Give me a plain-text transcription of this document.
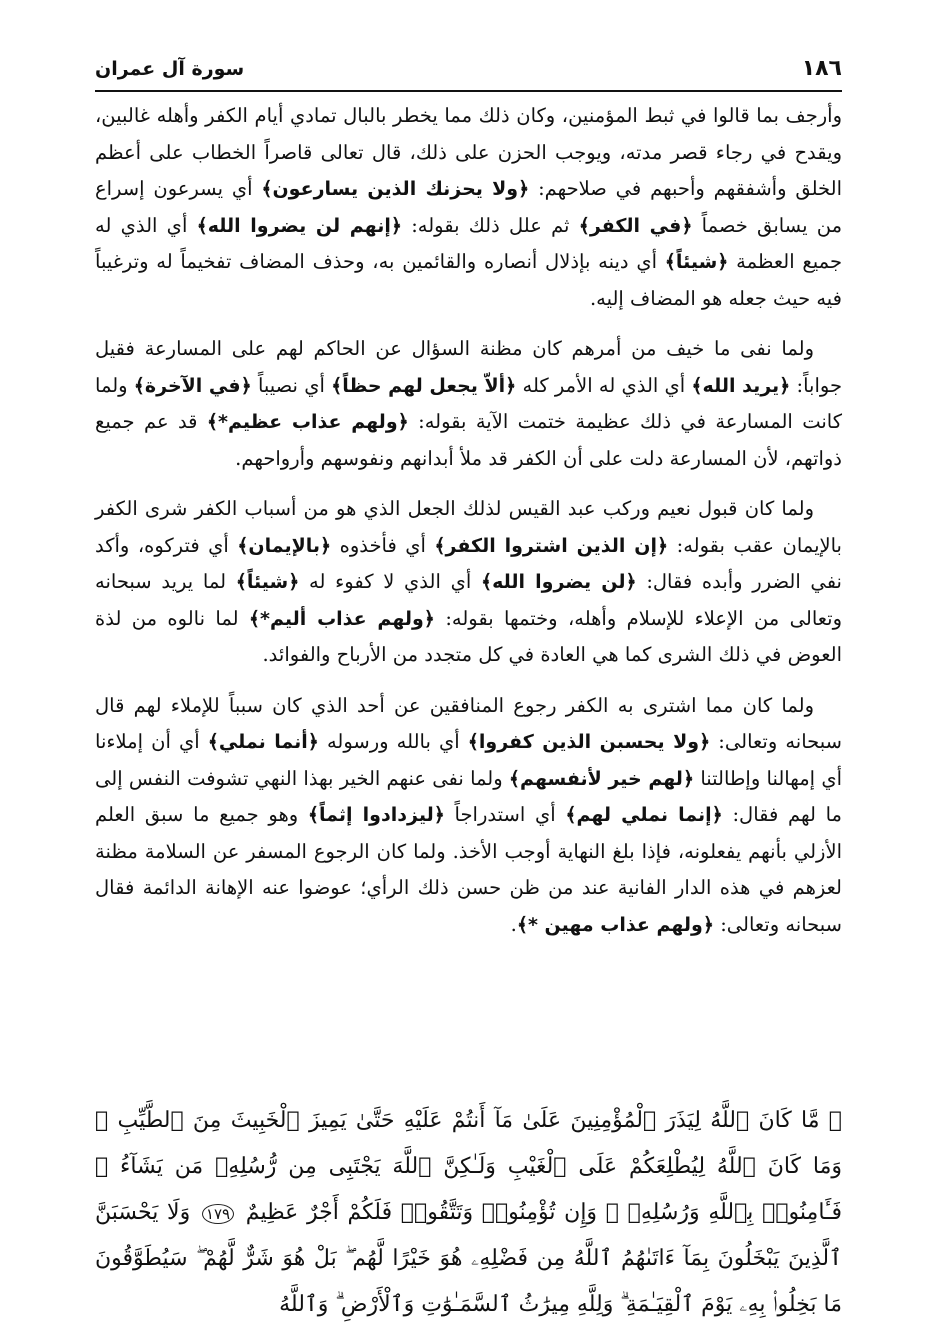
١٨٦
سورة آل عمران

وأرجف بما قالوا في ثبط المؤمنين، وكان ذلك مما يخطر بالبال تمادي أيام الكفر وأهله غالبين، ويقدح في رجاء قصر مدته، ويوجب الحزن على ذلك، قال تعالى قاصراً الخطاب على أعظم الخلق وأشفقهم وأحبهم في صلاحهم: ﴿ولا يحزنك الذين يسارعون﴾ أي يسرعون إسراع من يسابق خصماً ﴿في الكفر﴾ ثم علل ذلك بقوله: ﴿إنهم لن يضروا الله﴾ أي الذي له جميع العظمة ﴿شيئاً﴾ أي دينه بإذلال أنصاره والقائمين به، وحذف المضاف تفخيماً له وترغيباً فيه حيث جعله هو المضاف إليه.

ولما نفى ما خيف من أمرهم كان مظنة السؤال عن الحاكم لهم على المسارعة فقيل جواباً: ﴿يريد الله﴾ أي الذي له الأمر كله ﴿ألاّ يجعل لهم حظاً﴾ أي نصيباً ﴿في الآخرة﴾ ولما كانت المسارعة في ذلك عظيمة ختمت الآية بقوله: ﴿ولهم عذاب عظيم*﴾ قد عم جميع ذواتهم، لأن المسارعة دلت على أن الكفر قد ملأ أبدانهم ونفوسهم وأرواحهم.

ولما كان قبول نعيم وركب عبد القيس لذلك الجعل الذي هو من أسباب الكفر شرى الكفر بالإيمان عقب بقوله: ﴿إن الذين اشتروا الكفر﴾ أي فأخذوه ﴿بالإيمان﴾ أي فتركوه، وأكد نفي الضرر وأبده فقال: ﴿لن يضروا الله﴾ أي الذي لا كفوء له ﴿شيئاً﴾ لما يريد سبحانه وتعالى من الإعلاء للإسلام وأهله، وختمها بقوله: ﴿ولهم عذاب أليم*﴾ لما نالوه من لذة العوض في ذلك الشرى كما هي العادة في كل متجدد من الأرباح والفوائد.

ولما كان مما اشترى به الكفر رجوع المنافقين عن أحد الذي كان سبباً للإملاء لهم قال سبحانه وتعالى: ﴿ولا يحسبن الذين كفروا﴾ أي بالله ورسوله ﴿أنما نملي﴾ أي أن إملاءنا أي إمهالنا وإطالتنا ﴿لهم خير لأنفسهم﴾ ولما نفى عنهم الخير بهذا النهي تشوفت النفس إلى ما لهم فقال: ﴿إنما نملي لهم﴾ أي استدراجاً ﴿ليزدادوا إثماً﴾ وهو جميع ما سبق العلم الأزلي بأنهم يفعلونه، فإذا بلغ النهاية أوجب الأخذ. ولما كان الرجوع المسفر عن السلامة مظنة لعزهم في هذه الدار الفانية عند من ظن حسن ذلك الرأي؛ عوضوا عنه الإهانة الدائمة فقال سبحانه وتعالى: ﴿ولهم عذاب مهين *﴾.

﴿ مَّا كَانَ ٱللَّهُ لِيَذَرَ ٱلْمُؤْمِنِينَ عَلَىٰ مَآ أَنتُمْ عَلَيْهِ حَتَّىٰ يَمِيزَ ٱلْخَبِيثَ مِنَ ٱلطَّيِّبِ ۗ وَمَا كَانَ ٱللَّهُ لِيُطْلِعَكُمْ عَلَى ٱلْغَيْبِ وَلَـٰكِنَّ ٱللَّهَ يَجْتَبِى مِن رُّسُلِهِۦ مَن يَشَآءُ ۖ فَـَٔامِنُوا۟ بِٱللَّهِ وَرُسُلِهِۦ ۚ وَإِن تُؤْمِنُوا۟ وَتَتَّقُوا۟ فَلَكُمْ أَجْرٌ عَظِيمٌ ١٧٩ وَلَا يَحْسَبَنَّ ٱلَّذِينَ يَبْخَلُونَ بِمَآ ءَاتَىٰهُمُ ٱللَّهُ مِن فَضْلِهِۦ هُوَ خَيْرًا لَّهُم ۖ بَلْ هُوَ شَرٌّ لَّهُمْ ۖ سَيُطَوَّقُونَ مَا بَخِلُوا۟ بِهِۦ يَوْمَ ٱلْقِيَـٰمَةِ ۗ وَلِلَّهِ مِيرَٰثُ ٱلسَّمَـٰوَٰتِ وَٱلْأَرْضِ ۗ وَٱللَّهُ
